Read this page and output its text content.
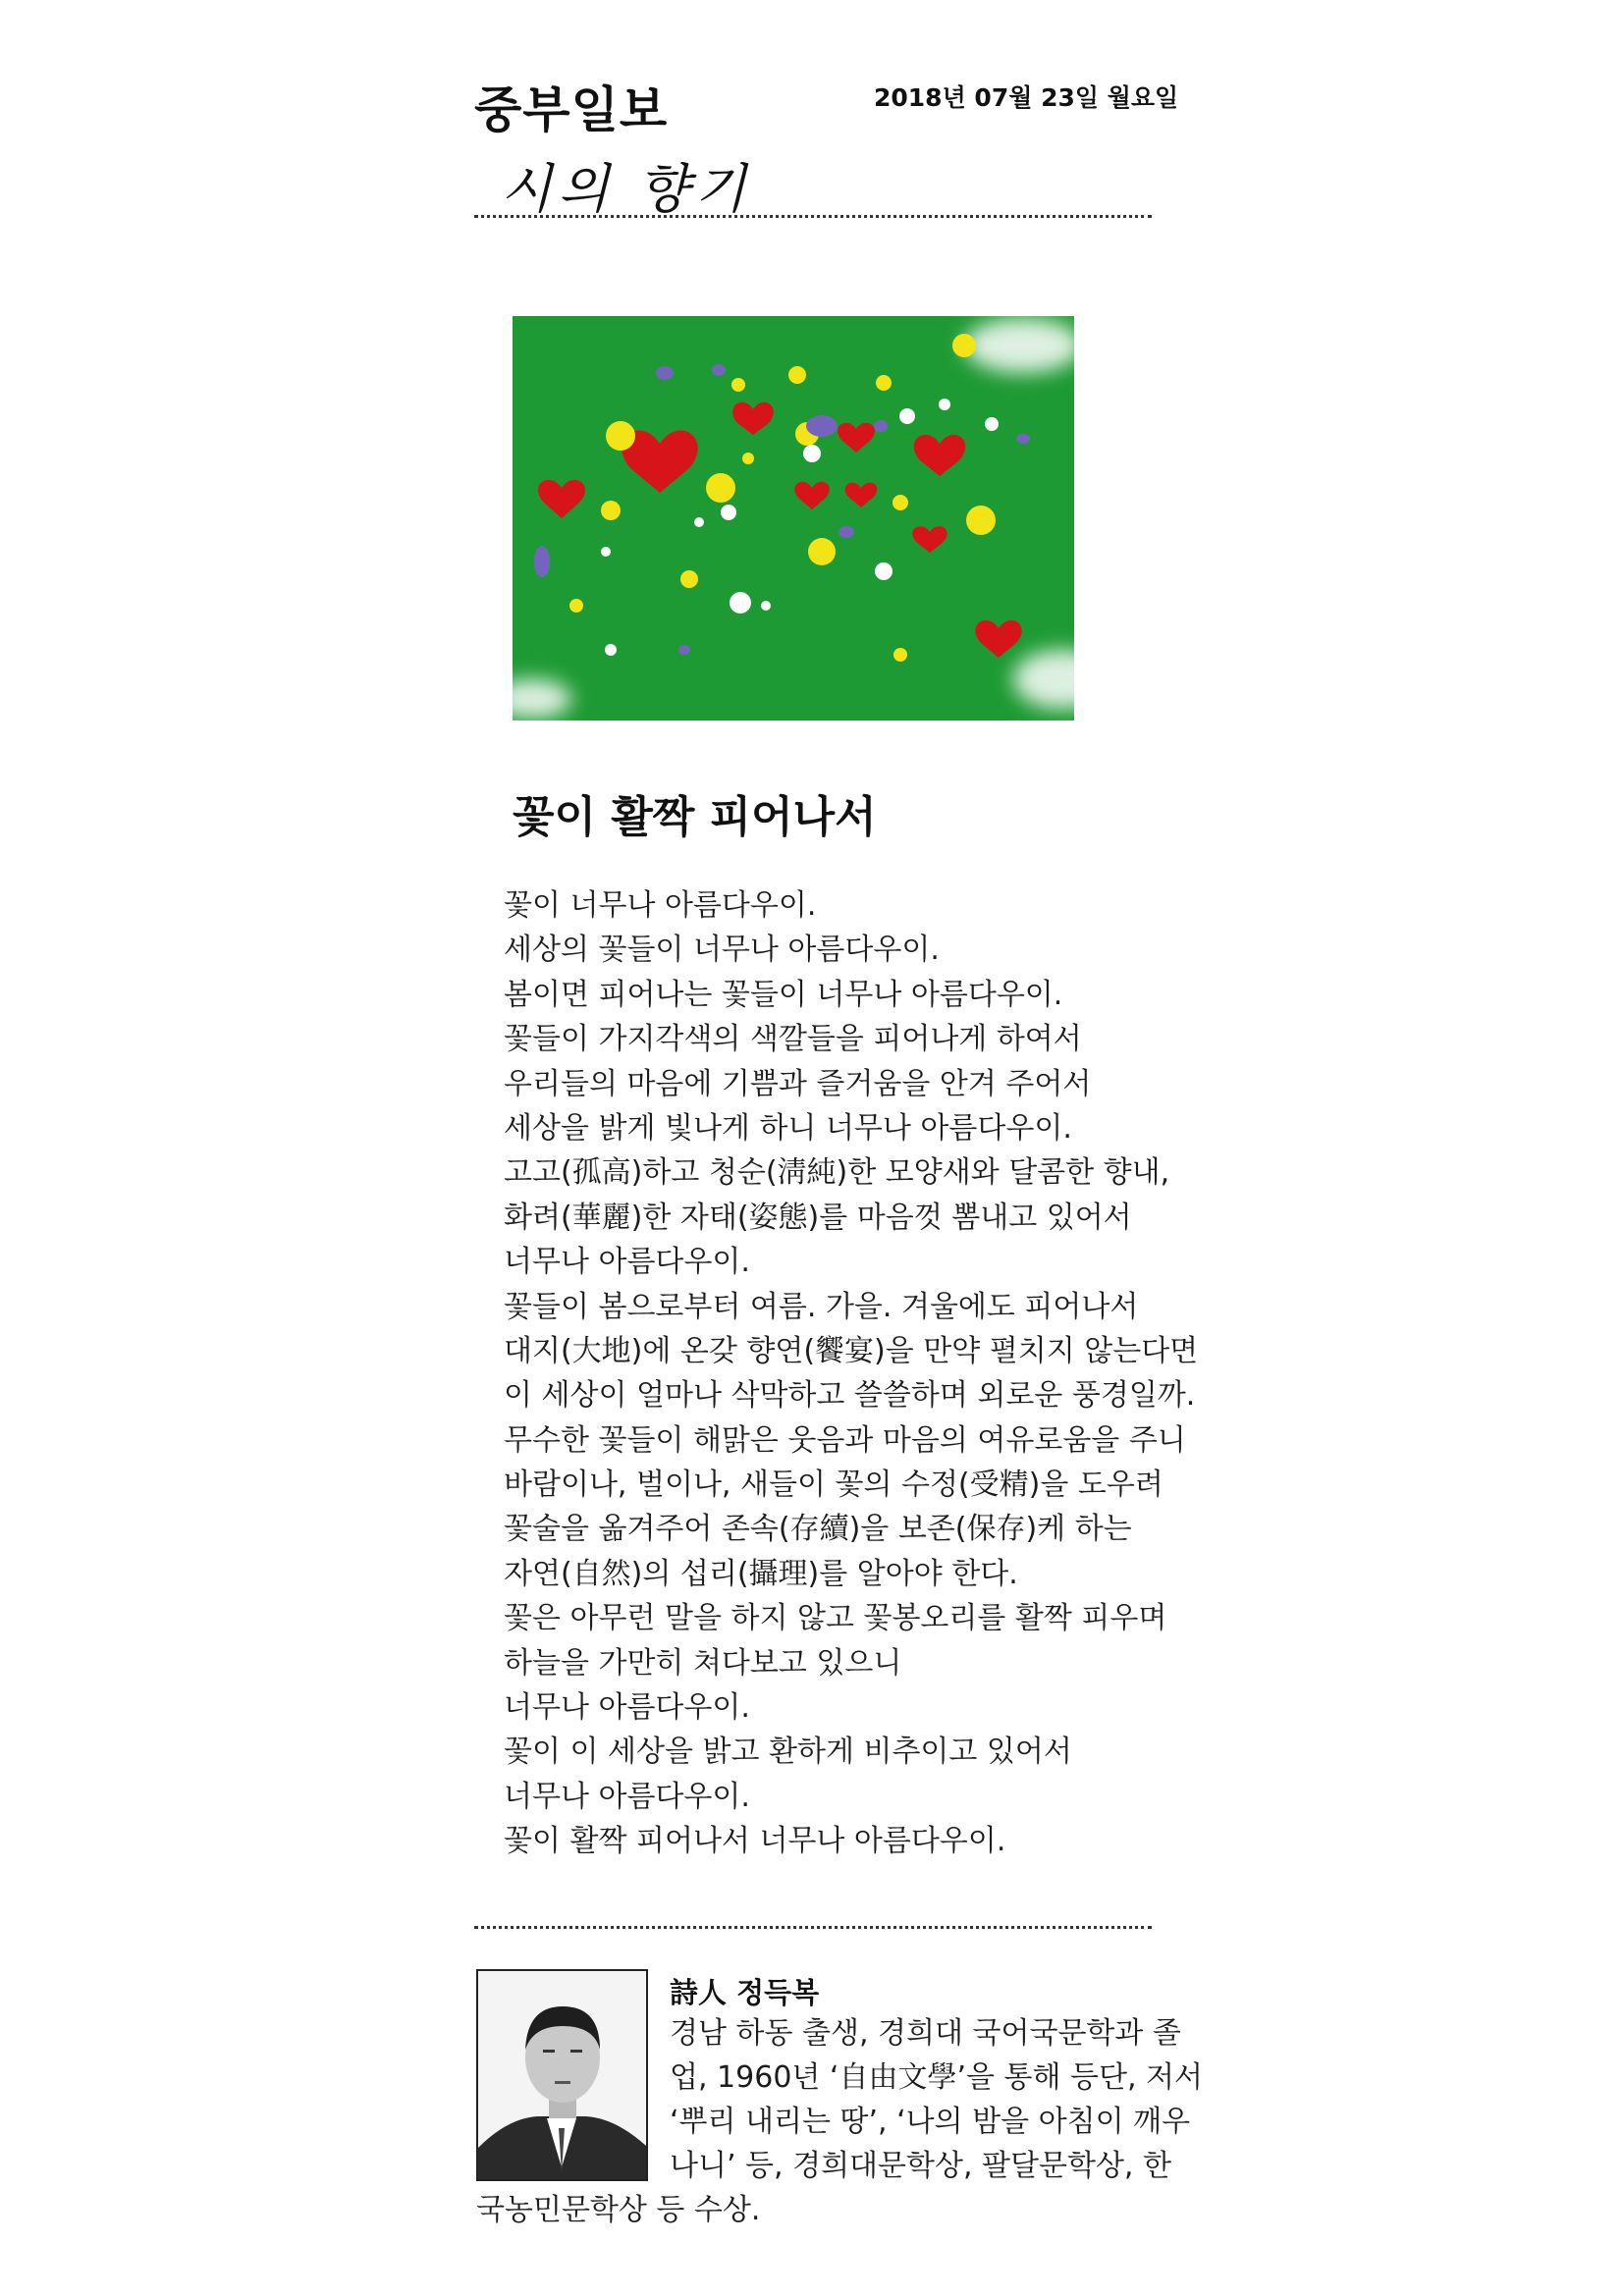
중부일보	2018년 07월 23일 월요일
시의 향기
꽃이 활짝 피어나서
꽃이 너무나 아름다우이.
세상의 꽃들이 너무나 아름다우이.
봄이면 피어나는 꽃들이 너무나 아름다우이.
꽃들이 가지각색의 색깔들을 피어나게 하여서
우리들의 마음에 기쁨과 즐거움을 안겨 주어서
세상을 밝게 빛나게 하니 너무나 아름다우이.
고고(孤高)하고 청순(淸純)한 모양새와 달콤한 향내,
화려(華麗)한 자태(姿態)를 마음껏 뽐내고 있어서
너무나 아름다우이.
꽃들이 봄으로부터 여름. 가을. 겨울에도 피어나서
대지(大地)에 온갖 향연(饗宴)을 만약 펼치지 않는다면
이 세상이 얼마나 삭막하고 쓸쓸하며 외로운 풍경일까.
무수한 꽃들이 해맑은 웃음과 마음의 여유로움을 주니
바람이나, 벌이나, 새들이 꽃의 수정(受精)을 도우려
꽃술을 옮겨주어 존속(存續)을 보존(保存)케 하는
자연(自然)의 섭리(攝理)를 알아야 한다.
꽃은 아무런 말을 하지 않고 꽃봉오리를 활짝 피우며
하늘을 가만히 쳐다보고 있으니
너무나 아름다우이.
꽃이 이 세상을 밝고 환하게 비추이고 있어서
너무나 아름다우이.
꽃이 활짝 피어나서 너무나 아름다우이.
詩人 정득복
경남 하동 출생, 경희대 국어국문학과 졸
업, 1960년 ‘自由文學’을 통해 등단, 저서
‘뿌리 내리는 땅’, ‘나의 밤을 아침이 깨우
나니’ 등, 경희대문학상, 팔달문학상, 한
국농민문학상 등 수상.
